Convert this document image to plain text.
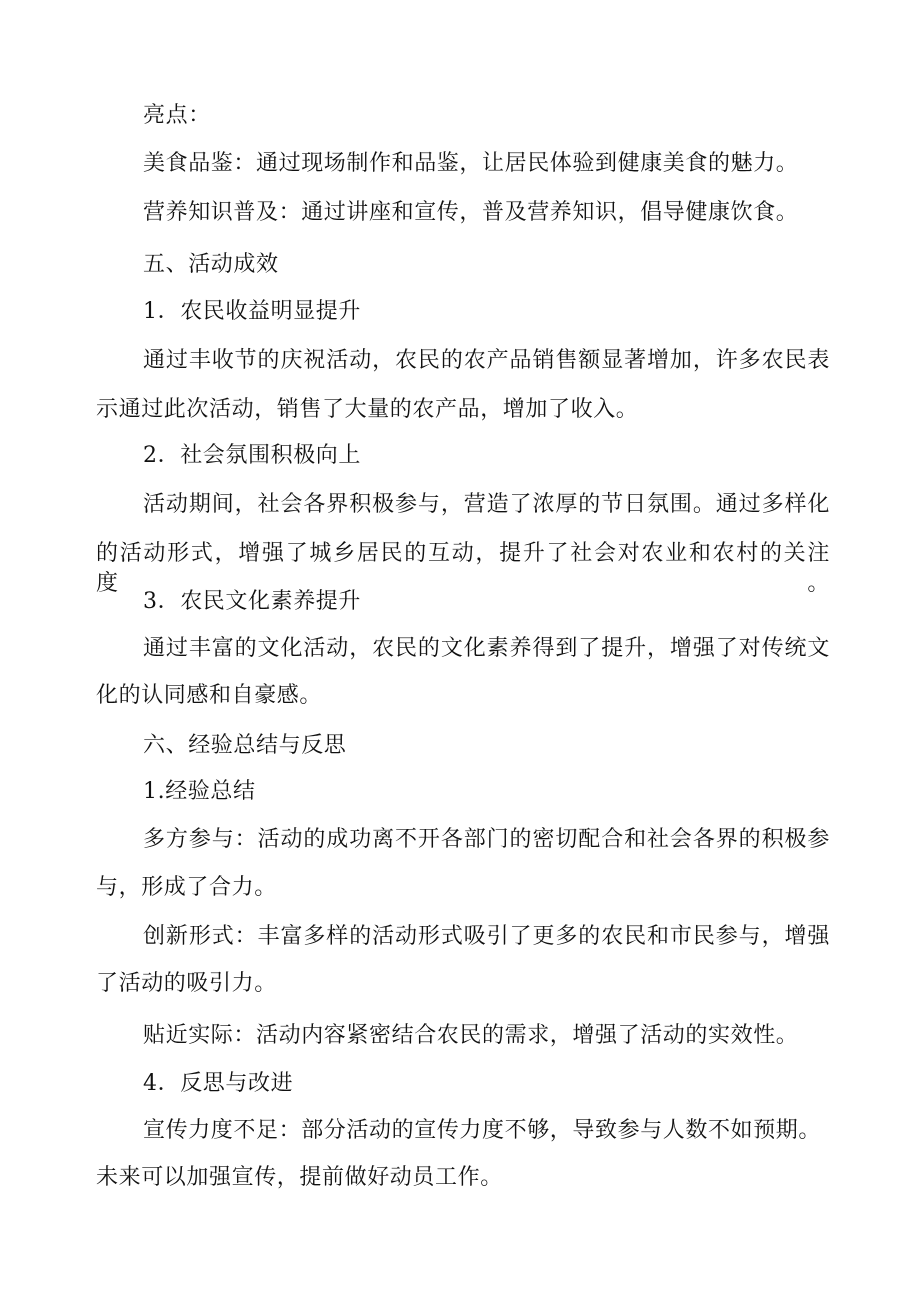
亮点：
美食品鉴：通过现场制作和品鉴，让居民体验到健康美食的魅力。
营养知识普及：通过讲座和宣传，普及营养知识，倡导健康饮食。
五、活动成效
1．农民收益明显提升
通过丰收节的庆祝活动，农民的农产品销售额显著增加，许多农民表
示通过此次活动，销售了大量的农产品，增加了收入。
2．社会氛围积极向上
活动期间，社会各界积极参与，营造了浓厚的节日氛围。通过多样化
的活动形式，增强了城乡居民的互动，提升了社会对农业和农村的关注度。
3．农民文化素养提升
通过丰富的文化活动，农民的文化素养得到了提升，增强了对传统文
化的认同感和自豪感。
六、经验总结与反思
1.经验总结
多方参与：活动的成功离不开各部门的密切配合和社会各界的积极参
与，形成了合力。
创新形式：丰富多样的活动形式吸引了更多的农民和市民参与，增强
了活动的吸引力。
贴近实际：活动内容紧密结合农民的需求，增强了活动的实效性。
4．反思与改进
宣传力度不足：部分活动的宣传力度不够，导致参与人数不如预期。
未来可以加强宣传，提前做好动员工作。
